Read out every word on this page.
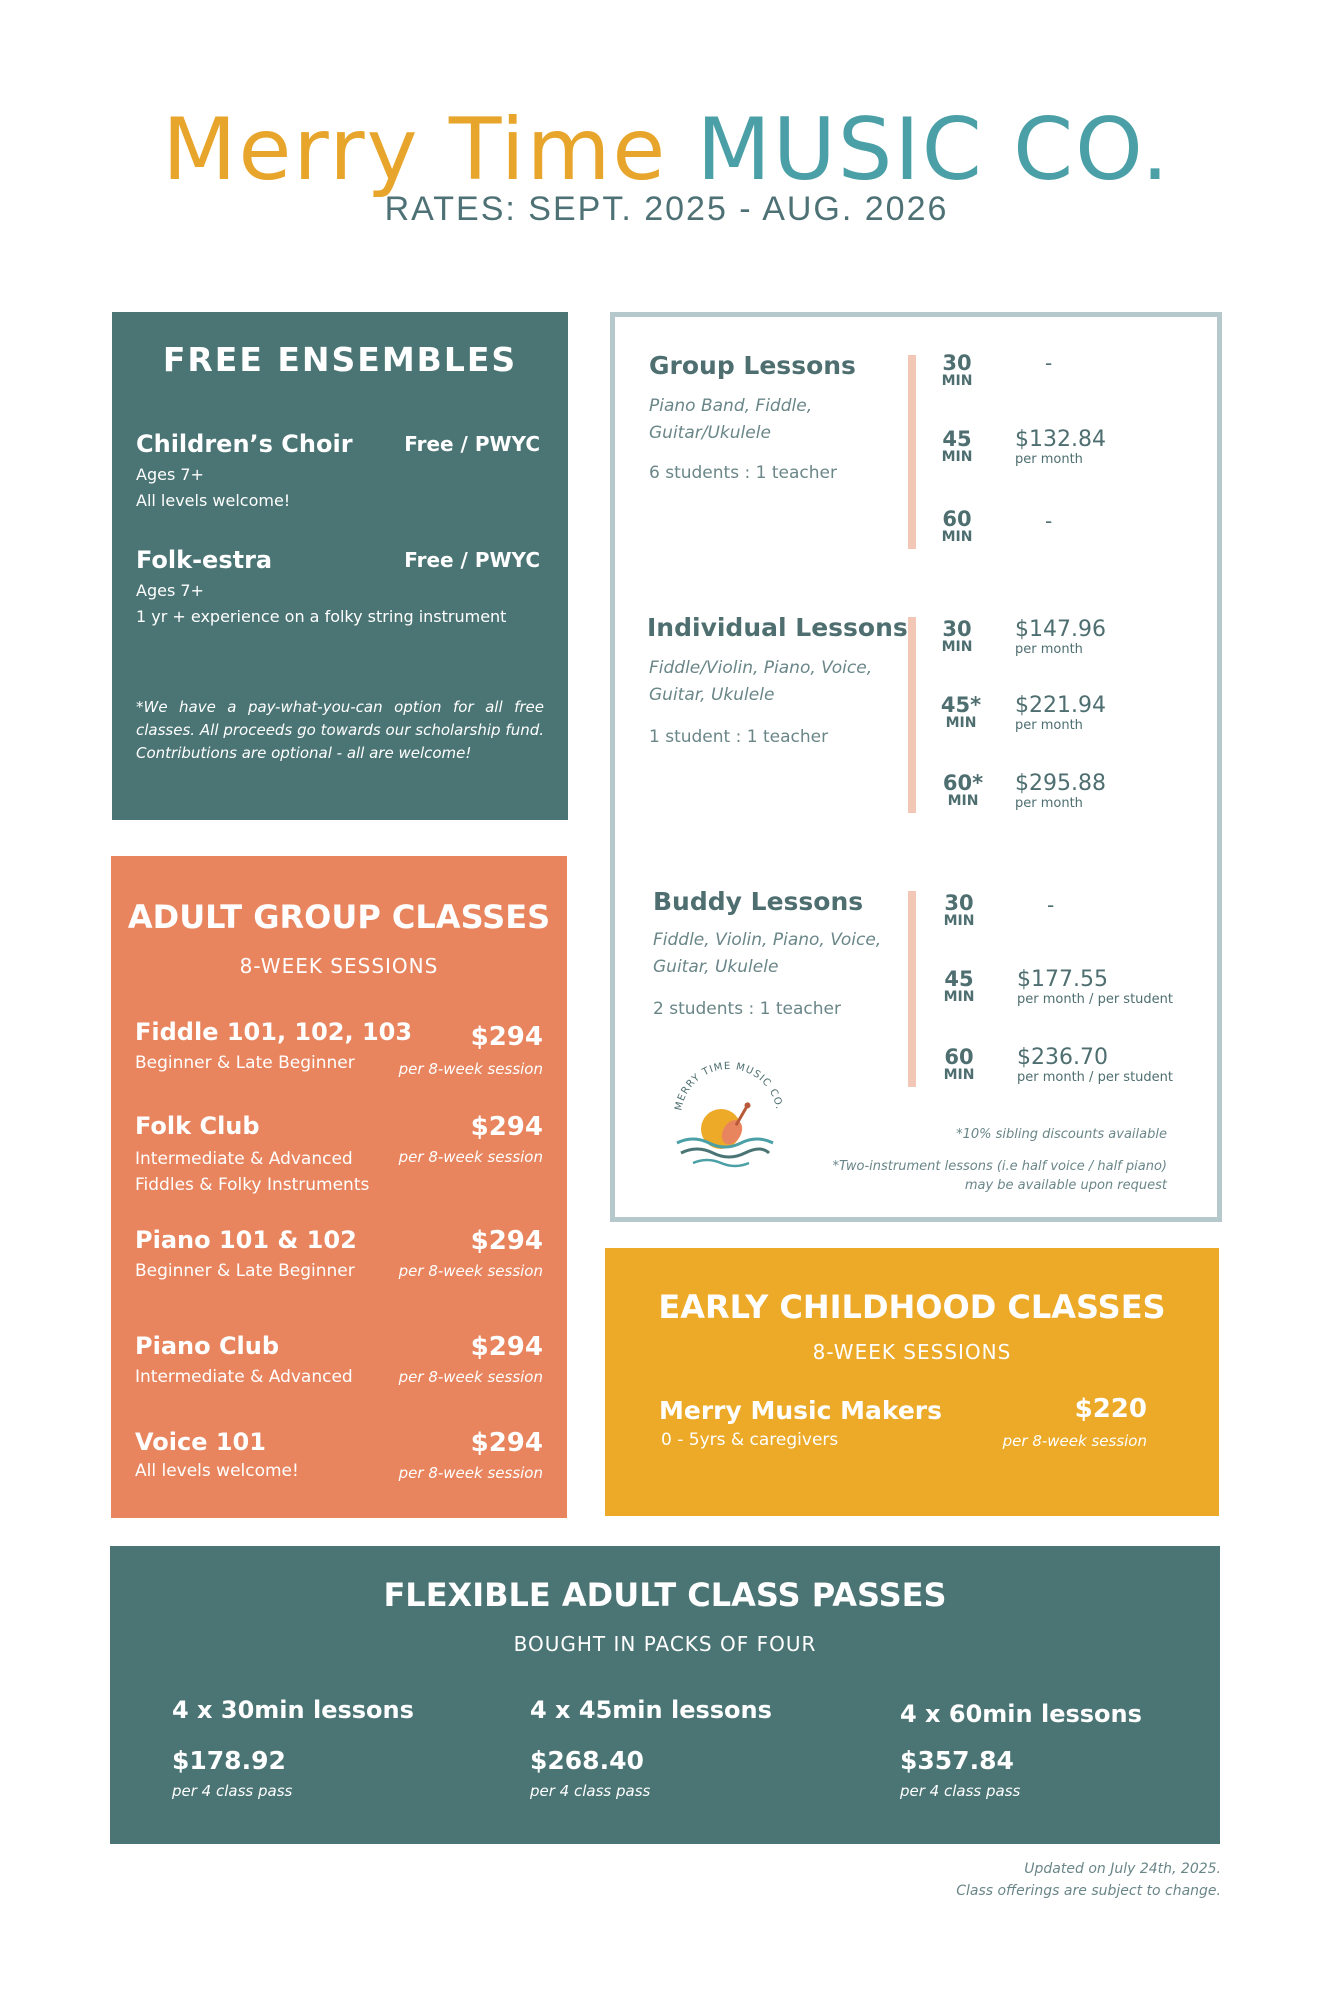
Merry Time MUSIC CO.
RATES: SEPT. 2025 - AUG. 2026
FREE ENSEMBLES
Children’s Choir	Free / PWYC
Ages 7+
All levels welcome!
Folk-estra	Free / PWYC
Ages 7+
1 yr + experience on a folky string instrument
*We have a pay-what-you-can option for all free classes. All proceeds go towards our scholarship fund. Contributions are optional - all are welcome!
ADULT GROUP CLASSES
8-WEEK SESSIONS
Fiddle 101, 102, 103
Beginner & Late Beginner
$294
per 8-week session
Folk Club
Intermediate & Advanced
Fiddles & Folky Instruments
$294
per 8-week session
Piano 101 & 102
Beginner & Late Beginner
$294
per 8-week session
Piano Club
Intermediate & Advanced
$294
per 8-week session
Voice 101
All levels welcome!
$294
per 8-week session
Group Lessons
Piano Band, Fiddle,
Guitar/Ukulele
6 students : 1 teacher
30
MIN
-
45
MIN
$132.84
per month
60
MIN
-
Individual Lessons
Fiddle/Violin, Piano, Voice,
Guitar, Ukulele
1 student : 1 teacher
30
MIN
$147.96
per month
45*
MIN
$221.94
per month
60*
MIN
$295.88
per month
Buddy Lessons
Fiddle, Violin, Piano, Voice,
Guitar, Ukulele
2 students : 1 teacher
30
MIN
-
45
MIN
$177.55
per month / per student
60
MIN
$236.70
per month / per student
MERRY TIME MUSIC CO.
*10% sibling discounts available
*Two-instrument lessons (i.e half voice / half piano)
may be available upon request
EARLY CHILDHOOD CLASSES
8-WEEK SESSIONS
Merry Music Makers
0 - 5yrs & caregivers
$220
per 8-week session
FLEXIBLE ADULT CLASS PASSES
BOUGHT IN PACKS OF FOUR
4 x 30min lessons
$178.92
per 4 class pass
4 x 45min lessons
$268.40
per 4 class pass
4 x 60min lessons
$357.84
per 4 class pass
Updated on July 24th, 2025.
Class offerings are subject to change.
